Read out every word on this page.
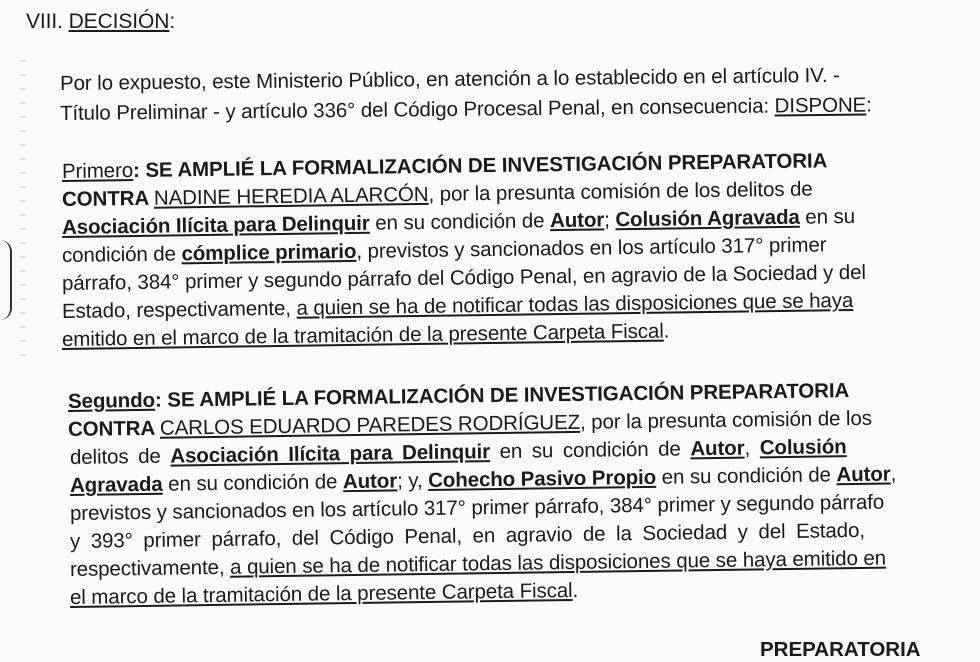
VIII. DECISIÓN:
Por lo expuesto, este Ministerio Público, en atención a lo establecido en el artículo IV. -
Título Preliminar - y artículo 336° del Código Procesal Penal, en consecuencia: DISPONE:
Primero: SE AMPLIÉ LA FORMALIZACIÓN DE INVESTIGACIÓN PREPARATORIA
CONTRA NADINE HEREDIA ALARCÓN, por la presunta comisión de los delitos de
Asociación Ilícita para Delinquir en su condición de Autor; Colusión Agravada en su
condición de cómplice primario, previstos y sancionados en los artículo 317° primer
párrafo, 384° primer y segundo párrafo del Código Penal, en agravio de la Sociedad y del
Estado, respectivamente, a quien se ha de notificar todas las disposiciones que se haya
emitido en el marco de la tramitación de la presente Carpeta Fiscal.
Segundo: SE AMPLIÉ LA FORMALIZACIÓN DE INVESTIGACIÓN PREPARATORIA
CONTRA CARLOS EDUARDO PAREDES RODRÍGUEZ, por la presunta comisión de los
delitos de Asociación Ilícita para Delinquir en su condición de Autor, Colusión
Agravada en su condición de Autor; y, Cohecho Pasivo Propio en su condición de Autor,
previstos y sancionados en los artículo 317° primer párrafo, 384° primer y segundo párrafo
y 393° primer párrafo, del Código Penal, en agravio de la Sociedad y del Estado,
respectivamente, a quien se ha de notificar todas las disposiciones que se haya emitido en
el marco de la tramitación de la presente Carpeta Fiscal.
PREPARATORIA
